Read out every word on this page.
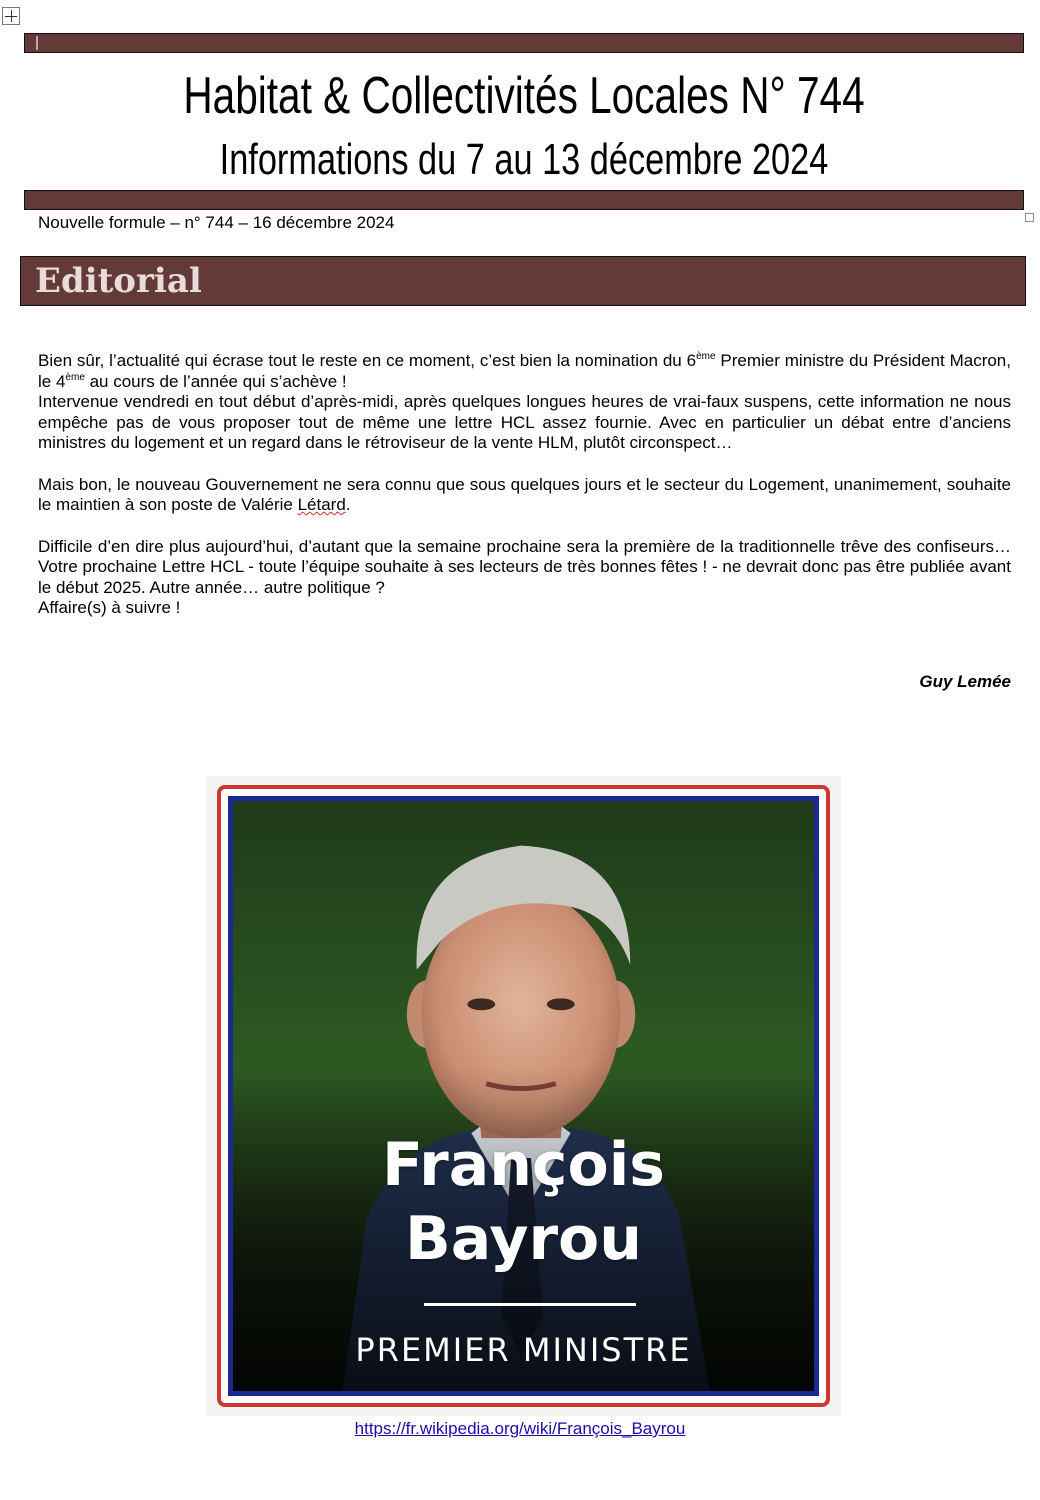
Habitat & Collectivités Locales N° 744
Informations du 7 au 13 décembre 2024
Nouvelle formule – n° 744 – 16 décembre 2024
Editorial

Bien sûr, l’actualité qui écrase tout le reste en ce moment, c’est bien la nomination du 6ème Premier ministre du Président Macron, le 4ème au cours de l’année qui s’achève !

Intervenue vendredi en tout début d’après-midi, après quelques longues heures de vrai-faux suspens, cette information ne nous empêche pas de vous proposer tout de même une lettre HCL assez fournie. Avec en particulier un débat entre d’anciens ministres du logement et un regard dans le rétroviseur de la vente HLM, plutôt circonspect…

Mais bon, le nouveau Gouvernement ne sera connu que sous quelques jours et le secteur du Logement, unanimement, souhaite le maintien à son poste de Valérie Létard.

Difficile d’en dire plus aujourd’hui, d’autant que la semaine prochaine sera la première de la traditionnelle trêve des confiseurs… Votre prochaine Lettre HCL - toute l’équipe souhaite à ses lecteurs de très bonnes fêtes ! - ne devrait donc pas être publiée avant le début 2025. Autre année… autre politique ?

Affaire(s) à suivre !

Guy Lemée
François
Bayrou
PREMIER MINISTRE
https://fr.wikipedia.org/wiki/François_Bayrou
